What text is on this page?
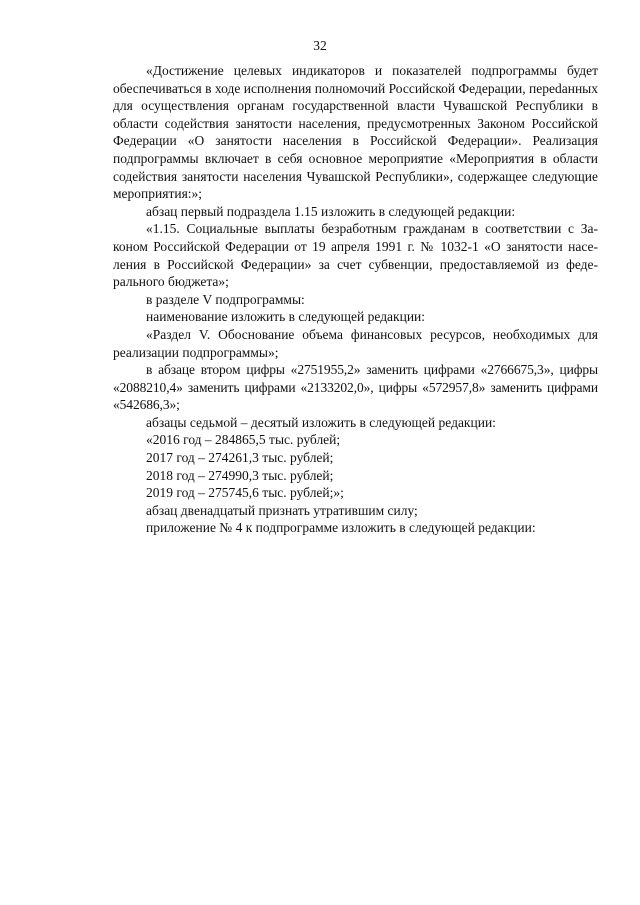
32

«Достижение целевых индикаторов и показателей подпрограммы будет обеспечиваться в ходе исполнения полномочий Российской Федерации, переdанных для осуществления органам государственной власти Чувашской Республики в области содействия занятости населения, предусмотренных Законом Российской Федерации «О занятости населения в Российской Федерации». Реализация подпрограммы включает в себя основное мероприятие «Мероприятия в области содействия занятости населения Чувашской Республики», содержащее следующие мероприятия:»;

абзац первый подраздела 1.15 изложить в следующей редакции:

«1.15. Социальные выплаты безработным гражданам в соответствии с Законом Российской Федерации от 19 апреля 1991 г. № 1032-1 «О занятости населения в Российской Федерации» за счет субвенции, предоставляемой из федерального бюджета»;

в разделе V подпрограммы:

наименование изложить в следующей редакции:

«Раздел V. Обоснование объема финансовых ресурсов, необходимых для реализации подпрограммы»;

в абзаце втором цифры «2751955,2» заменить цифрами «2766675,3», цифры «2088210,4» заменить цифрами «2133202,0», цифры «572957,8» заменить цифрами «542686,3»;

абзацы седьмой – десятый изложить в следующей редакции:

«2016 год – 284865,5 тыс. рублей;

2017 год – 274261,3 тыс. рублей;

2018 год – 274990,3 тыс. рублей;

2019 год – 275745,6 тыс. рублей;»;

абзац двенадцатый признать утратившим силу;

приложение № 4 к подпрограмме изложить в следующей редакции:
